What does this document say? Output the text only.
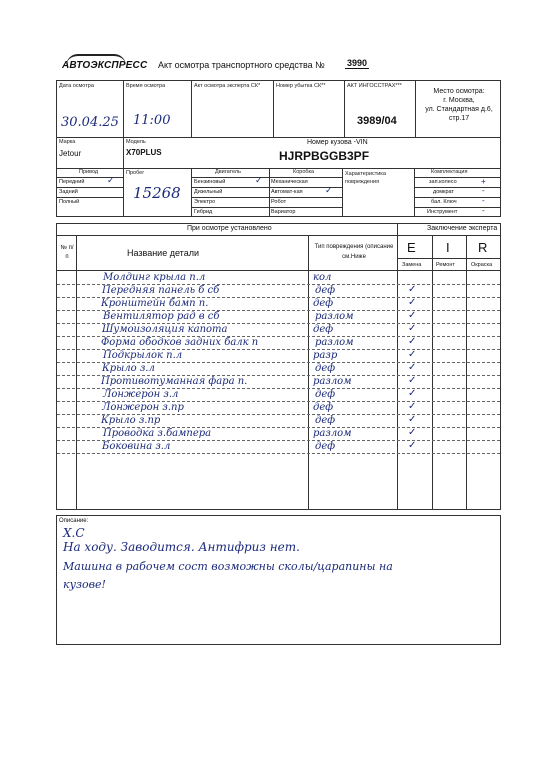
АВТОЭКСПРЕСС Акт осмотра транспортного средства № 3990
Дата осмотра	Время осмотра	Акт осмотра эксперта СК*	Номер убытка СК**	АКТ ИНГОССТРАХ***
30.04.25 11:00	3989/04
Место осмотра:
г. Москва,
ул. Стандартная д.6,
стр.17
Марка
Jetour
Модель
X70PLUS
Номер кузова -VIN
HJRPBGGB3PF
Привод
Передний	✓
Задний
Полный
Пробег
15268
Двигатель
Бензиновый	✓
Дизельный
Электро
Гибрид
Коробка
Механическая
Автомат-кая ✓
Робот
Вариатор
Характеристика повреждения
Комплектация
зап.колесо	+
домкрат	-
бал. Ключ	-
Инструмент	-
При осмотре установлено	Заключение эксперта
№ п/п	Название детали
Тип повреждения (описание см.Ниже
E I R
Замена	Ремонт	Окраска
Молдинг крыла п.л	кол
Передняя панель б сб	деф	✓
Кронштейн бамп п.	деф	✓
Вентилятор рад в сб	разлом	✓
Шумоизоляция капота	деф	✓
Форма ободков задних балк п	разлом	✓
Подкрылок п.л	разр	✓
Крыло з.л	деф	✓
Противотуманная фара п.	разлом	✓
Лонжерон з.л	деф	✓
Лонжерон з.пр	деф	✓
Крыло з.пр	деф	✓
Проводка з.бампера	разлом	✓
Боковина з.л	деф	✓
Описание:
Х.С
На ходу. Заводится. Антифриз нет.
Машина в рабочем сост возможны сколы/царапины на
кузове!
